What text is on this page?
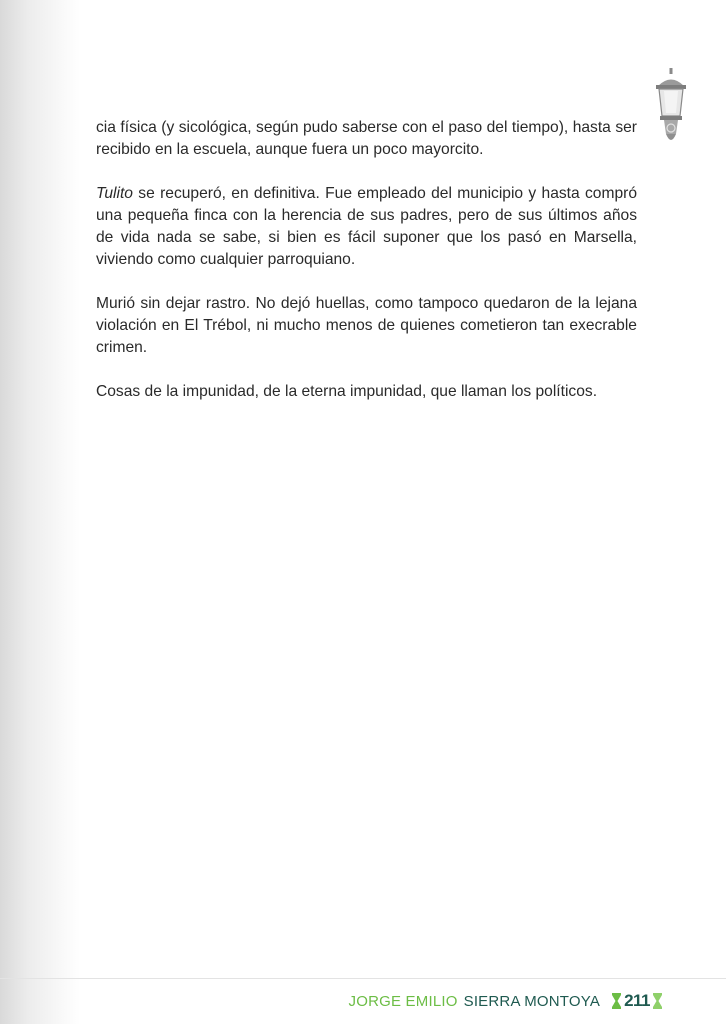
cia física (y sicológica, según pudo saberse con el paso del tiempo), hasta ser recibido en la escuela, aunque fuera un poco mayorcito.

Tulito se recuperó, en definitiva. Fue empleado del municipio y hasta compró una pequeña finca con la herencia de sus padres, pero de sus últimos años de vida nada se sabe, si bien es fácil suponer que los pasó en Marsella, viviendo como cualquier parroquiano.

Murió sin dejar rastro. No dejó huellas, como tampoco quedaron de la lejana violación en El Trébol, ni mucho menos de quienes cometieron tan execrable crimen.

Cosas de la impunidad, de la eterna impunidad, que llaman los políticos.

JORGE EMILIO SIERRA MONTOYA 211
